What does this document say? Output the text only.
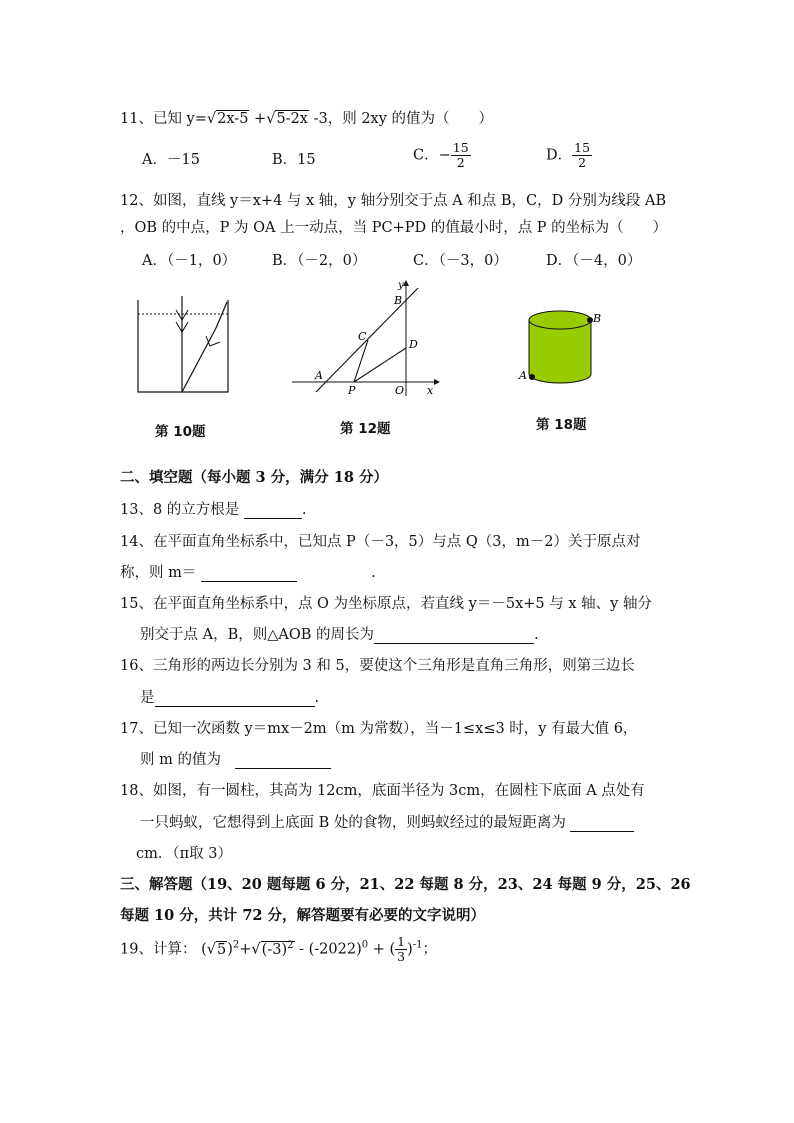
11、已知 y=√2x-5 +√5-2x -3，则 2xy 的值为（　　）
A．－15	B．15	C．− $\frac{15}{2}$	D． $\frac{15}{2}$
12、如图，直线 y＝x+4 与 x 轴，y 轴分别交于点 A 和点 B，C，D 分别为线段 AB
，OB 的中点，P 为 OA 上一动点，当 PC+PD 的值最小时，点 P 的坐标为（　　）
A．（－1，0） B．（－2，0）	C．（－3，0）	D．（－4，0）
第 10题
y
B
C
D
A
P	O x
第 12题
A
B
第 18题
二、填空题（每小题 3 分，满分 18 分）
13、8 的立方根是	.
14、在平面直角坐标系中，已知点 P（－3，5）与点 Q（3，m－2）关于原点对
称，则 m＝	.
15、在平面直角坐标系中，点 O 为坐标原点，若直线 y＝－5x+5 与 x 轴、y 轴分
别交于点 A，B，则△AOB 的周长为	.
16、三角形的两边长分别为 3 和 5，要使这个三角形是直角三角形，则第三边长
是	.
17、已知一次函数 y＝mx－2m（m 为常数），当－1≤x≤3 时，y 有最大值 6，
则 m 的值为　
18、如图，有一圆柱，其高为 12cm，底面半径为 3cm，在圆柱下底面 A 点处有
一只蚂蚁，它想得到上底面 B 处的食物，则蚂蚁经过的最短距离为
cm．（π取 3）
三、解答题（19、20 题每题 6 分，21、22 每题 8 分，23、24 每题 9 分，25、26
每题 10 分，共计 72 分，解答题要有必要的文字说明）
19、计算： $(√5)^2+√(-3)^2 - (-2022)^0$ + ( $\frac{1}{3} )^{-1}$；
